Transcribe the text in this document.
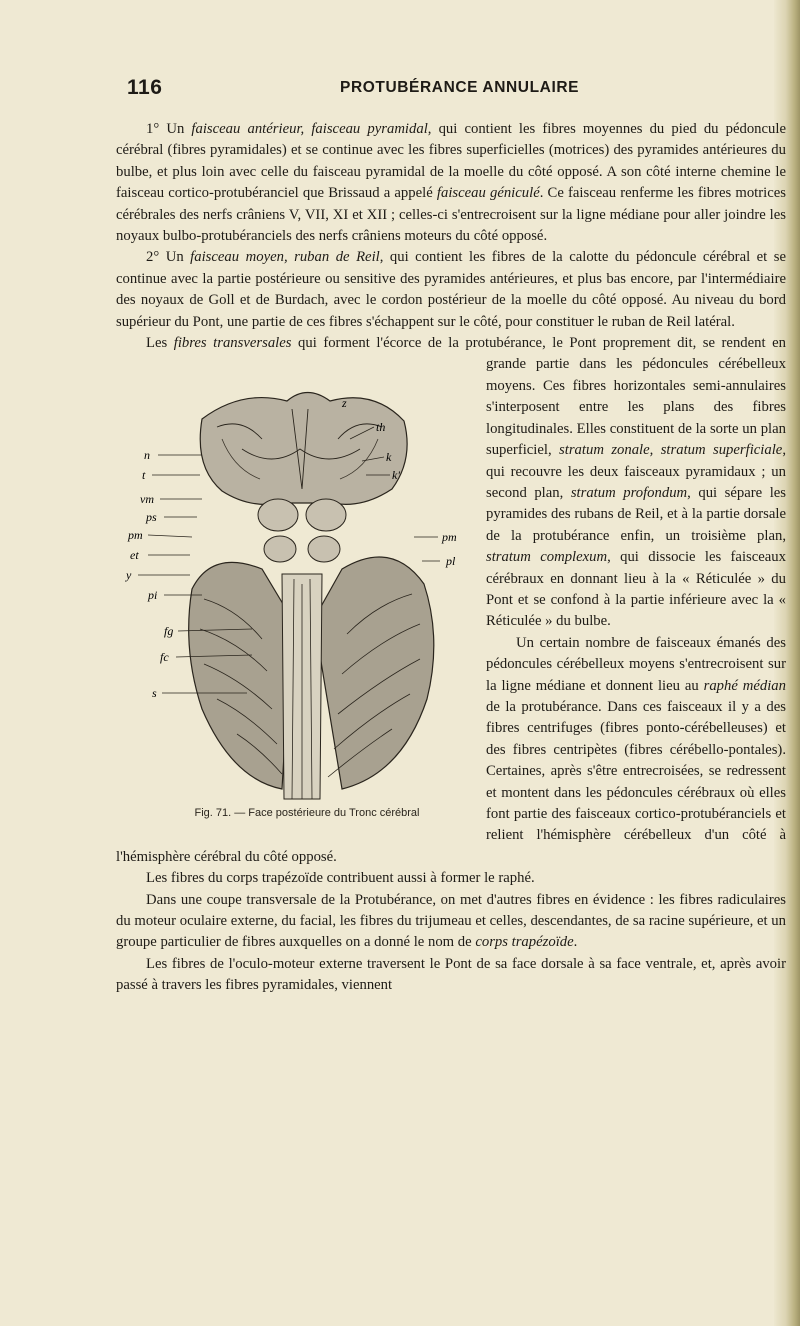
116	PROTUBÉRANCE ANNULAIRE

1° Un faisceau antérieur, faisceau pyramidal, qui contient les fibres moyennes du pied du pédoncule cérébral (fibres pyramidales) et se continue avec les fibres superficielles (motrices) des pyramides antérieures du bulbe, et plus loin avec celle du faisceau pyramidal de la moelle du côté opposé. A son côté interne chemine le faisceau cortico-protubéranciel que Brissaud a appelé faisceau géniculé. Ce faisceau renferme les fibres motrices cérébrales des nerfs crâniens V, VII, XI et XII ; celles-ci s'entrecroisent sur la ligne médiane pour aller joindre les noyaux bulbo-protubéranciels des nerfs crâniens moteurs du côté opposé.

2° Un faisceau moyen, ruban de Reil
z
th
n	k
k'
t
vm
ps
pm
et
y
pi
pm
pl
fg
fc
s
Fig. 71. — Face postérieure du Tronc cérébral
, qui contient les fibres de la calotte du pédoncule cérébral et se continue avec la partie postérieure ou sensitive des pyramides antérieures, et plus bas encore, par l'intermédiaire des noyaux de Goll et de Burdach, avec le cordon postérieur de la moelle du côté opposé. Au niveau du bord supérieur du Pont, une partie de ces fibres s'échappent sur le côté, pour constituer le ruban de Reil latéral.

Les fibres transversales qui forment l'écorce de la protubérance, le Pont proprement dit, se rendent en grande partie dans les pédoncules cérébelleux moyens. Ces fibres horizontales semi-annulaires s'interposent entre les plans des fibres longitudinales. Elles constituent de la sorte un plan superficiel, stratum zonale, stratum superficiale, qui recouvre les deux faisceaux pyramidaux ; un second plan, stratum profondum, qui sépare les pyramides des rubans de Reil, et à la partie dorsale de la protubérance enfin, un troisième plan, stratum complexum, qui dissocie les faisceaux cérébraux en donnant lieu à la « Réticulée » du Pont et se confond à la partie inférieure avec la « Réticulée » du bulbe.

Un certain nombre de faisceaux émanés des pédoncules cérébelleux moyens s'entrecroisent sur la ligne médiane et donnent lieu au raphé médian de la protubérance. Dans ces faisceaux il y a des fibres centrifuges (fibres ponto-cérébelleuses) et des fibres centripètes (fibres cérébello-pontales). Certaines, après s'être entrecroisées, se redressent et montent dans les pédoncules cérébraux où elles font partie des faisceaux cortico-protubéranciels et relient l'hémisphère cérébelleux d'un côté à l'hémisphère cérébral du côté opposé.

Les fibres du corps trapézoïde contribuent aussi à former le raphé.

Dans une coupe transversale de la Protubérance, on met d'autres fibres en évidence : les fibres radiculaires du moteur oculaire externe, du facial, les fibres du trijumeau et celles, descendantes, de sa racine supérieure, et un groupe particulier de fibres auxquelles on a donné le nom de corps trapézoïde.

Les fibres de l'oculo-moteur externe traversent le Pont de sa face dorsale à sa face ventrale, et, après avoir passé à travers les fibres pyramidales, viennent
